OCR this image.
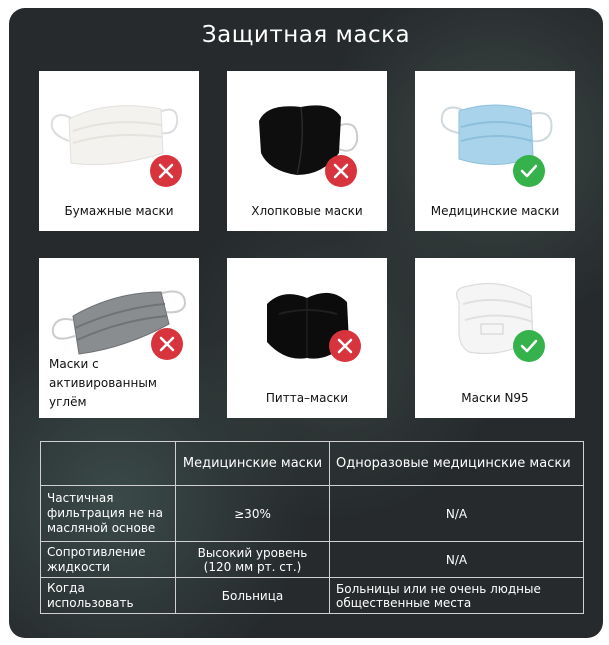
Защитная маска
Бумажные маски	Хлопковые маски	Медицинские маски
Маски с активированным углём	Питта–маски	Маски N95
	Медицинские маски	Одноразовые медицинские маски
Частичная фильтрация не на масляной основе	≥30%	N/A
Сопротивление жидкости	Высокий уровень (120 мм рт. ст.)	N/A
Когда использовать	Больница	Больницы или не очень людные общественные места
